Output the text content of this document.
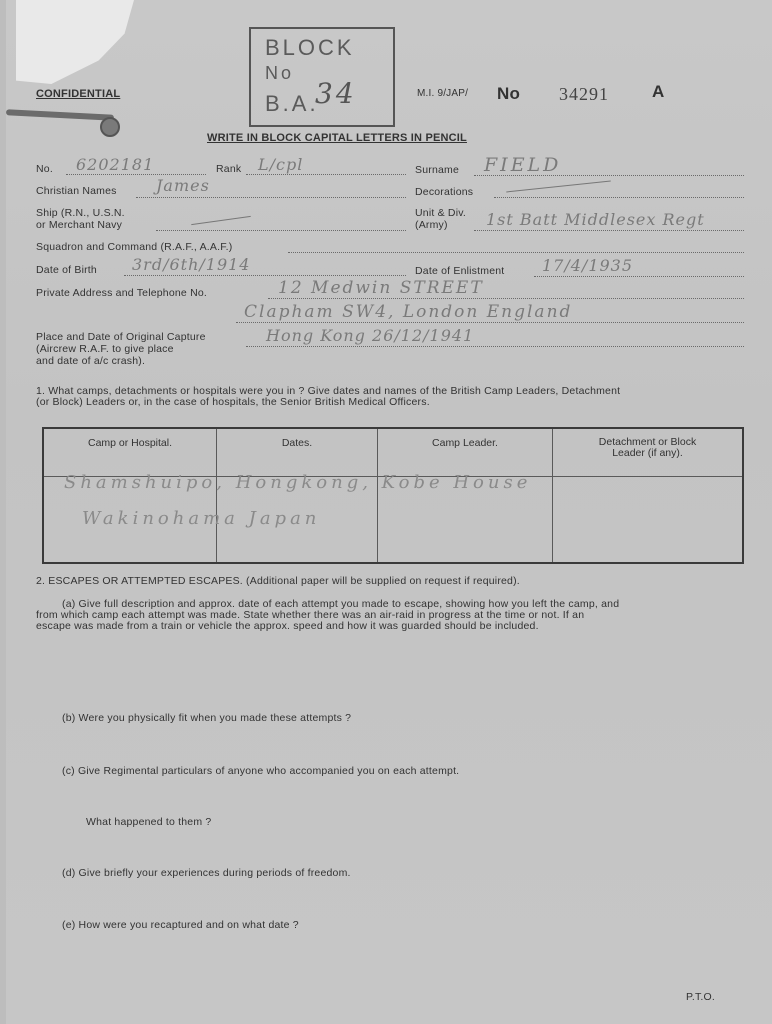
CONFIDENTIAL
BLOCK
No
B.A.
34	M.I. 9/JAP/ No 34291	A
WRITE IN BLOCK CAPITAL LETTERS IN PENCIL
No. 6202181	Rank L/cpl	Surname FIELD
Christian Names James	Decorations
Ship (R.N., U.S.N.
or Merchant Navy
Unit & Div.
(Army) 1st Batt Middlesex Regt
Squadron and Command (R.A.F., A.A.F.)
Date of Birth 3rd/6th/1914	Date of Enlistment 17/4/1935
Private Address and Telephone No.	12 Medwin STREET
Clapham SW4, London England
Place and Date of Original Capture
(Aircrew R.A.F. to give place
and date of a/c crash).
Hong Kong 26/12/1941
1. What camps, detachments or hospitals were you in ? Give dates and names of the British Camp Leaders, Detachment
(or Block) Leaders or, in the case of hospitals, the Senior British Medical Officers.
Camp or Hospital.	Dates.	Camp Leader.	Detachment or Block Leader (if any).

Shamshuipo, Hongkong, Kobe House
Wakinohama Japan
2. ESCAPES OR ATTEMPTED ESCAPES. (Additional paper will be supplied on request if required).
(a) Give full description and approx. date of each attempt you made to escape, showing how you left the camp, and
from which camp each attempt was made. State whether there was an air-raid in progress at the time or not. If an
escape was made from a train or vehicle the approx. speed and how it was guarded should be included.
(b) Were you physically fit when you made these attempts ?
(c) Give Regimental particulars of anyone who accompanied you on each attempt.
What happened to them ?
(d) Give briefly your experiences during periods of freedom.
(e) How were you recaptured and on what date ?
P.T.O.
